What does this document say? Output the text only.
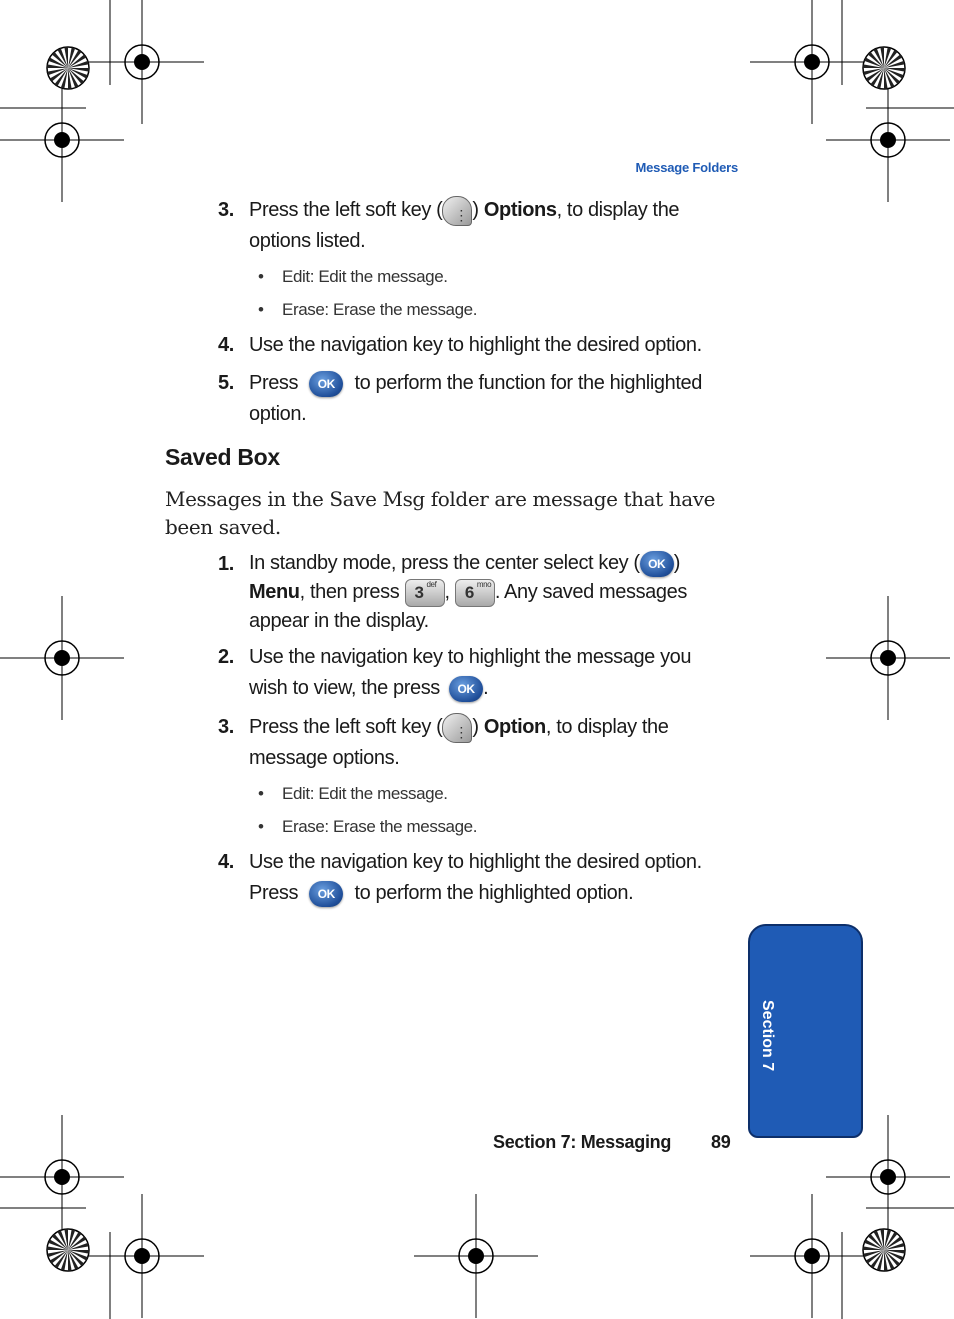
Message Folders
3. Press the left soft key ( ⋮ ) Options, to display the
options listed.
• Edit: Edit the message.
• Erase: Erase the message.
4. Use the navigation key to highlight the desired option.
5. Press OK to perform the function for the highlighted
option.
Saved Box
Messages in the Save Msg folder are message that have been saved.
1. In standby mode, press the center select key ( OK )
Menu, then press 3 def , 6 mno . Any saved messages
appear in the display.
2. Use the navigation key to highlight the message you
wish to view, the press OK .
3. Press the left soft key ( ⋮ ) Option, to display the
message options.
• Edit: Edit the message.
• Erase: Erase the message.
4. Use the navigation key to highlight the desired option.
Press OK to perform the highlighted option.
Section 7
Section 7: Messaging 89
